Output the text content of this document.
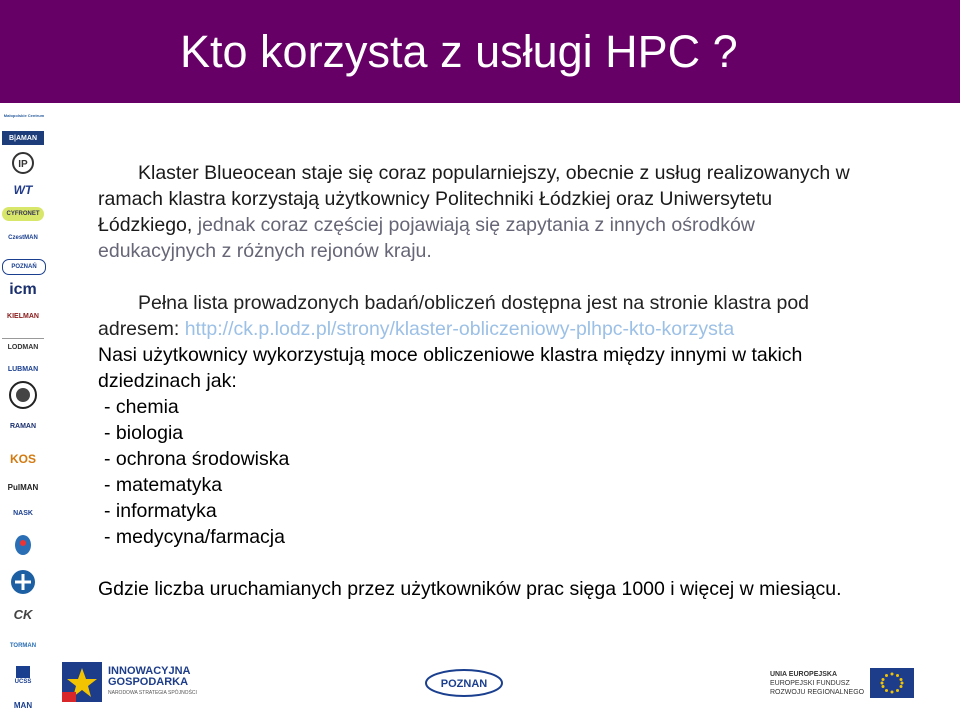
Kto korzysta z usługi HPC ?
Małopolskie Centrum
B|AMAN
IP
WT
CYFRONET
CzestMAN
POZNAŃ
icm
KIELMAN
LODMAN
LUBMAN
RAMAN
KOS
PulMAN
NASK
CK
TORMAN
UCSS
MAN
Klaster Blueocean staje się coraz popularniejszy, obecnie z usług realizowanych w ramach klastra korzystają użytkownicy Politechniki Łódzkiej oraz Uniwersytetu Łódzkiego, jednak coraz częściej pojawiają się zapytania z innych ośrodków edukacyjnych z różnych rejonów kraju.
Pełna lista prowadzonych badań/obliczeń dostępna jest na stronie klastra pod adresem: http://ck.p.lodz.pl/strony/klaster-obliczeniowy-plhpc-kto-korzysta
Nasi użytkownicy wykorzystują moce obliczeniowe klastra między innymi w takich dziedzinach jak:
- chemia
- biologia
- ochrona środowiska
- matematyka
- informatyka
- medycyna/farmacja
Gdzie liczba uruchamianych przez użytkowników prac sięga 1000 i więcej w miesiącu.
INNOWACYJNA
GOSPODARKA
NARODOWA STRATEGIA SPÓJNOŚCI
POZNAN
UNIA EUROPEJSKA
EUROPEJSKI FUNDUSZ
ROZWOJU REGIONALNEGO
